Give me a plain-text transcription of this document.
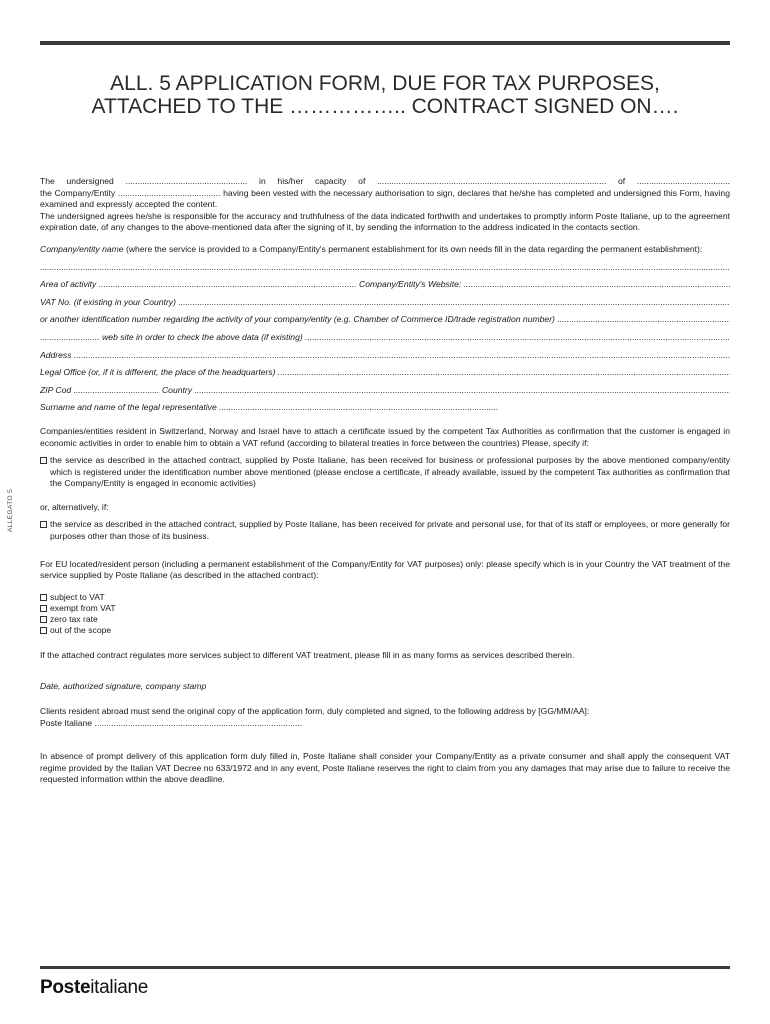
ALL. 5 APPLICATION FORM, DUE FOR TAX PURPOSES,
ATTACHED TO THE …………….. CONTRACT SIGNED ON….
ALLEGATO 5

The undersigned ................................................... in his/her capacity of ................................................................................................ of .......................................

the Company/Entity ........................................... having been vested with the necessary authorisation to sign, declares that he/she has completed and undersigned this Form, having examined and expressly accepted the content.

The undersigned agrees he/she is responsible for the accuracy and truthfulness of the data indicated forthwith and undertakes to promptly inform Poste Italiane, up to the agreement expiration date, of any changes to the above-mentioned data after the signing of it, by sending the information to the address indicated in the contacts section.

Company/entity name (where the service is provided to a Company/Entity's permanent establishment for its own needs fill in the data regarding the permanent establishment):

.....
Area of activity
............................................................................................................
Company/Entity's Website:

.....
VAT No. (if existing in your Country)

.....
or another identification number regarding the activity of your company/entity (e.g. Chamber of Commerce ID/trade registration number)

.....
.........................
web site in order to check the above data (if existing)

.....
Address

.....
Legal Office (or, if it is different, the place of the headquarters)

.....
ZIP Cod
....................................
Country

.....
Surname and name of the legal representative
.....................................................................................................................

Companies/entities resident in Switzerland, Norway and Israel have to attach a certificate issued by the competent Tax Authorities as confirmation that the customer is engaged in economic activities in order to enable him to obtain a VAT refund (according to bilateral treaties in force between the countries) Please, specify if:

the service as described in the attached contract, supplied by Poste Italiane, has been received for business or professional purposes by the above mentioned company/entity which is registered under the identification number above mentioned (please enclose a certificate, if already available, issued by the competent Tax authorities as confirmation that the Company/Entity is engaged in economic activities)

or, alternatively, if:

the service as described in the attached contract, supplied by Poste Italiane, has been received for private and personal use, for that of its staff or employees, or more generally for purposes other than those of its business.

For EU located/resident person (including a permanent establishment of the Company/Entity for VAT purposes) only: please specify which is in your Country the VAT treatment of the service supplied by Poste Italiane (as described in the attached contract):

subject to VAT
exempt from VAT
zero tax rate
out of the scope

If the attached contract regulates more services subject to different VAT treatment, please fill in as many forms as services described therein.

Date, authorized signature, company stamp

Clients resident abroad must send the original copy of the application form, duly completed and signed, to the following address by [GG/MM/AA]:
Poste Italiane .......................................................................................

In absence of prompt delivery of this application form duly filled in, Poste Italiane shall consider your Company/Entity as a private consumer and shall apply the consequent VAT regime provided by the Italian VAT Decree no 633/1972 and in any event, Poste Italiane reserves the right to claim from you any damages that may arise due to failure to receive the requested information within the above deadline.

Posteitaliane
